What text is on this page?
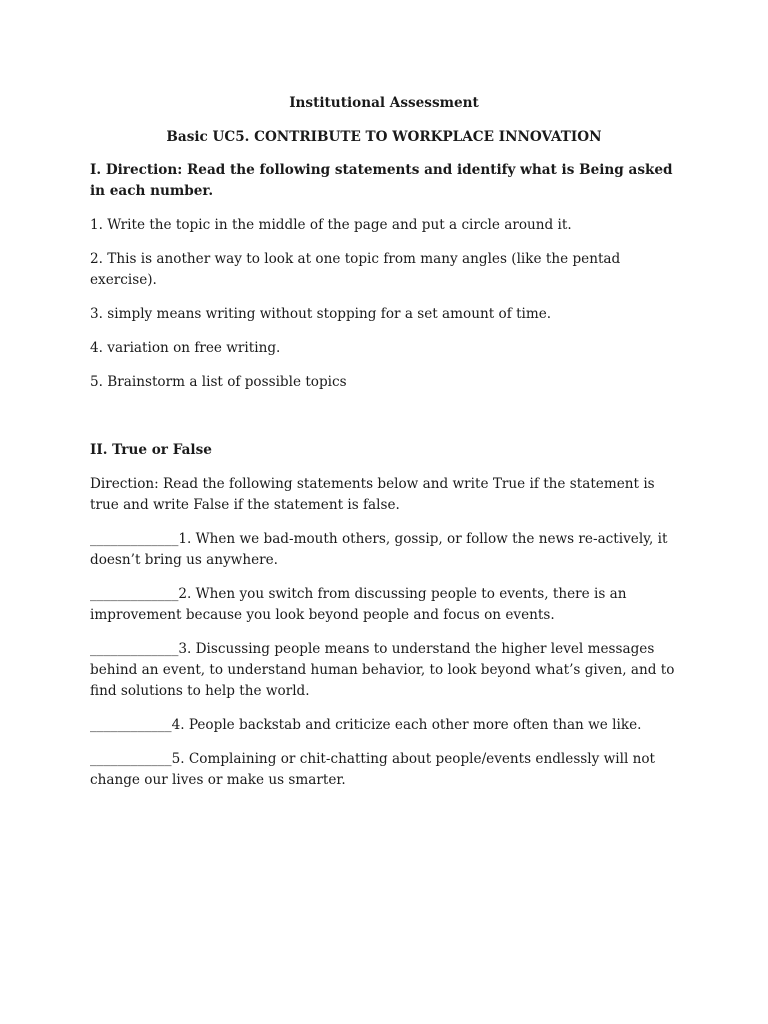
Institutional Assessment
Basic UC5. CONTRIBUTE TO WORKPLACE INNOVATION

I. Direction: Read the following statements and identify what is Being asked in each number.

1. Write the topic in the middle of the page and put a circle around it.

2. This is another way to look at one topic from many angles (like the pentad exercise).

3. simply means writing without stopping for a set amount of time.

4. variation on free writing.

5. Brainstorm a list of possible topics

II. True or False

Direction: Read the following statements below and write True if the statement is true and write False if the statement is false.

_____________1. When we bad-mouth others, gossip, or follow the news re-actively, it doesn’t bring us anywhere.

_____________2. When you switch from discussing people to events, there is an improvement because you look beyond people and focus on events.

_____________3. Discussing people means to understand the higher level messages behind an event, to understand human behavior, to look beyond what’s given, and to find solutions to help the world.

____________4. People backstab and criticize each other more often than we like.

____________5. Complaining or chit-chatting about people/events endlessly will not change our lives or make us smarter.
